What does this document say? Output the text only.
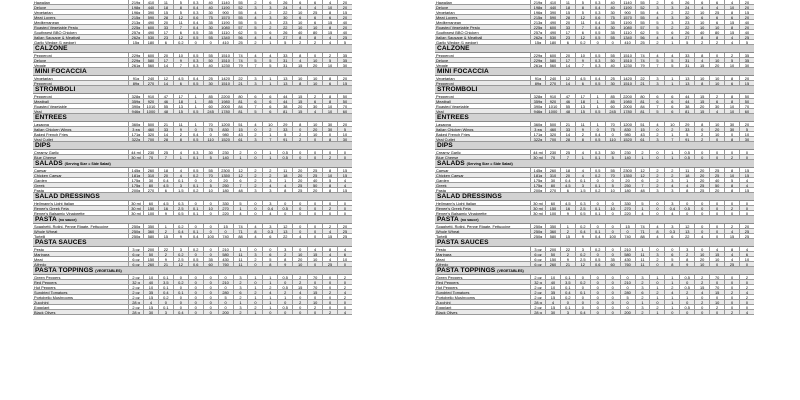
Hawaiian	219g	410	11	5	0.3	40	1140	55	2	6	26	6	6	4	20
Deluxe	198g	440	18	8	0.4	40	1190	52	3	3	24	4	4	10	20
Vegetarian	196g	390	15	5	0.3	30	900	55	4	2	22	10	25	8	15
Meat Lovers	215g	590	28	12	0.6	75	1570	55	4	3	30	6	6	6	20
Mediterranean	213g	490	20	11	0.4	35	1190	55	5	3	23	10	6	15	40
Roasted Vegetable Pesto	225g	600	33	7	0.4	30	1080	57	5	2	22	10	10	8	20
Southwest BBQ Chicken	257g	490	17	6	0.5	35	1110	62	5	6	26	40	80	15	40
Italian Sausage & Meatball	262g	530	23	12	0.5	55	1340	56	4	4	27	8	8	4	25
Garlic Wedge (1 wedge)	15g	180	6	0.2	0	0	410	25	2	1	5	2	2	4	5
CALZONE
Pepperoni	229g	600	20	10	0.5	55	1510	74	4	4	33	8	0	2	35
Deluxe	229g	580	17	9	0.3	50	1510	74	5	5	31	4	10	5	35
Veggie	261g	560	14	7	0.3	40	1230	79	7	5	31	15	20	10	30
MINI FOCACCIA
Vegetarian	91g	240	12	4.5	0.4	25	1420	22	3	1	13	10	10	8	20
Pepperoni	89g	270	14	6	0.5	30	1510	21	3	1	13	8	10	6	15
STROMBOLI
Pepperoni	328g	910	47	17	1	85	2200	80	6	6	44	15	2	8	50
Meatball	359g	920	46	18	1	85	1980	81	6	6	44	15	6	8	50
Roasted Vegetable	390g	1010	55	13	1	60	2000	84	7	6	38	20	30	10	70
Veal	946g	1000	48	15	0.5	245	1780	81	5	6	81	15	4	10	60
ENTREES
Lasagna	360g	500	21	11	1	70	1200	51	4	10	29	8	10	30	20
Italian Chicken Wings	3 ea	460	33	9	0	75	830	15	0	2	33	0	20	30	5
Baked French Fries	171g	320	14	2	0.4	0	980	43	2	1	5	2	10	0	10
Veal Cutlet	322g	700	28	8	0.5	110	1520	61	3	7	91	2	0	8	30
DIPS
Creamy Garlic	44 ml	230	25	4	0.3	30	230	2	0	1	0.5	0	0	0	0
Blue Cheese	30 ml	70	7	1	0.1	5	140	1	0	1	0.5	0	0	2	0
SALADS (Serving Size = Side Salad)
Caesar	145g	260	18	4	0.5	55	2300	12	2	2	11	20	25	8	15
Chicken Caesar	181g	310	20	4	0.2	70	1350	12	2	2	18	20	25	10	15
Garden	175g	30	0.4	0.1	0	0	20	6	2	3	1	20	40	5	4
Greek	175g	80	4.5	3	0.1	5	250	7	2	4	4	25	50	8	4
Pasta	200g	270	6	1.5	0.2	10	180	48	3	3	8	25	20	8	15
SALAD DRESSINGS
Hellmann's Light Italian	30 ml	60	4.5	0.3	0	0	330	5	0	3	0	0	0	0	0
Renee's Greek Feta	30 ml	150	16	2.5	0.1	10	270	1	0	0.4	0.5	0	0	2	0
Renee's Balsamic Vinaigrette	30 ml	100	9	0.5	0.1	0	220	4	0	4	0	0	0	0	0
PASTA (no sauce)
Spaghetti, Rotini, Penne Rigate, Fettuccine	250g	350	1	0.2	0	0	15	74	4	3	12	0	0	2	20
Whole Wheat	250g	360	2	0.4	0.1	0	0	71	8	0.3	13	0	0	4	25
Tortelli	250g	580	15	9	0.4	100	740	88	4	6	22	4	0	15	25
PASTA SAUCES
Pesto	3 oz	200	22	3	0.2	0	210	1	0	0	3	0	4	8	4
Marinara	6 oz	50	2	0.2	0	0	580	11	3	6	2	10	15	4	6
Meat	6 oz	150	9	2.5	0.5	35	430	11	2	5	8	20	10	4	10
Alfredo	6 oz	260	21	12	0.6	60	760	11	0	8	9	10	0	25	0
PASTA TOPPINGS (VEGETABLES)
Green Peppers	2 oz	10	0.1	0	0	0	0	3	1	1	0.5	2	70	0	2
Red Peppers	32 g	40	3.5	0.2	0	0	210	2	0	1	0	2	0	0	0
Hot Peppers	2 oz	10	0.1	0	0	0	0	3	1	2	0.5	15	70	0	2
Sundried Tomatoes	2 oz	35	0.4	0.1	0	0	280	6	2	4	2	4	15	2	4
Portobello Mushrooms	2 oz	15	0.2	0	0	0	5	2	1	1	1	0	0	0	2
Zucchini	28 g	4	0	0	0	0	0	1	0	1	0	2	10	0	0
Eggplant	2 oz	15	0.1	0	0	0	0	3	2	1	0.5	0	2	0	0
Black Olives	28 g	30	3	0.4	0	0	200	2	1	0	0	0	0	2	4
Hawaiian	219g	410	11	5	0.3	40	1140	55	2	6	26	6	6	4	20
Deluxe	198g	440	18	8	0.4	40	1190	52	3	3	24	4	4	10	20
Vegetarian	196g	390	15	5	0.3	30	900	55	4	2	22	10	25	8	15
Meat Lovers	215g	590	28	12	0.6	75	1570	55	4	3	30	6	6	6	20
Mediterranean	213g	490	20	11	0.4	35	1190	55	5	3	23	10	6	15	40
Roasted Vegetable Pesto	225g	600	33	7	0.4	30	1080	57	5	2	22	10	10	8	20
Southwest BBQ Chicken	257g	490	17	6	0.5	35	1110	62	5	6	26	40	80	15	40
Italian Sausage & Meatball	262g	530	23	12	0.5	55	1340	56	4	4	27	8	8	4	25
Garlic Wedge (1 wedge)	15g	180	6	0.2	0	0	410	25	2	1	5	2	2	4	5
CALZONE
Pepperoni	229g	600	20	10	0.5	55	1510	74	4	4	33	8	0	2	35
Deluxe	229g	580	17	9	0.3	50	1510	74	5	5	31	4	10	5	35
Veggie	261g	560	14	7	0.3	40	1230	79	7	5	31	15	20	10	30
MINI FOCACCIA
Vegetarian	91g	240	12	4.5	0.4	25	1420	22	3	1	13	10	10	8	20
Pepperoni	89g	270	14	6	0.5	30	1510	21	3	1	13	8	10	6	15
STROMBOLI
Pepperoni	328g	910	47	17	1	85	2200	80	6	6	44	15	2	8	50
Meatball	359g	920	46	18	1	85	1980	81	6	6	44	15	6	8	50
Roasted Vegetable	390g	1010	55	13	1	60	2000	84	7	6	38	20	30	10	70
Veal	946g	1000	48	15	0.5	245	1780	81	5	6	81	15	4	10	60
ENTREES
Lasagna	360g	500	21	11	1	70	1200	51	4	10	29	8	10	30	20
Italian Chicken Wings	3 ea	460	33	9	0	75	830	15	0	2	33	0	20	30	5
Baked French Fries	171g	320	14	2	0.4	0	980	43	2	1	5	2	10	0	10
Veal Cutlet	322g	700	28	8	0.5	110	1520	61	3	7	91	2	0	8	30
DIPS
Creamy Garlic	44 ml	230	25	4	0.3	30	230	2	0	1	0.5	0	0	0	0
Blue Cheese	30 ml	70	7	1	0.1	5	140	1	0	1	0.5	0	0	2	0
SALADS (Serving Size = Side Salad)
Caesar	145g	260	18	4	0.5	55	2300	12	2	2	11	20	25	8	15
Chicken Caesar	181g	310	20	4	0.2	70	1350	12	2	2	18	20	25	10	15
Garden	175g	30	0.4	0.1	0	0	20	6	2	3	1	20	40	5	4
Greek	175g	80	4.5	3	0.1	5	250	7	2	4	4	25	50	8	4
Pasta	200g	270	6	1.5	0.2	10	180	48	3	3	8	25	20	8	15
SALAD DRESSINGS
Hellmann's Light Italian	30 ml	60	4.5	0.3	0	0	330	5	0	3	0	0	0	0	0
Renee's Greek Feta	30 ml	150	16	2.5	0.1	10	270	1	0	0.4	0.5	0	0	2	0
Renee's Balsamic Vinaigrette	30 ml	100	9	0.5	0.1	0	220	4	0	4	0	0	0	0	0
PASTA (no sauce)
Spaghetti, Rotini, Penne Rigate, Fettuccine	250g	350	1	0.2	0	0	15	74	4	3	12	0	0	2	20
Whole Wheat	250g	360	2	0.4	0.1	0	0	71	8	0.3	13	0	0	4	25
Tortelli	250g	580	15	9	0.4	100	740	88	4	6	22	4	0	15	25
PASTA SAUCES
Pesto	3 oz	200	22	3	0.2	0	210	1	0	0	3	0	4	8	4
Marinara	6 oz	50	2	0.2	0	0	580	11	3	6	2	10	15	4	6
Meat	6 oz	150	9	2.5	0.5	35	430	11	2	5	8	20	10	4	10
Alfredo	6 oz	260	21	12	0.6	60	760	11	0	8	9	10	0	25	0
PASTA TOPPINGS (VEGETABLES)
Green Peppers	2 oz	10	0.1	0	0	0	0	3	1	1	0.5	2	70	0	2
Red Peppers	32 g	40	3.5	0.2	0	0	210	2	0	1	0	2	0	0	0
Hot Peppers	2 oz	10	0.1	0	0	0	0	3	1	2	0.5	15	70	0	2
Sundried Tomatoes	2 oz	35	0.4	0.1	0	0	280	6	2	4	2	4	15	2	4
Portobello Mushrooms	2 oz	15	0.2	0	0	0	5	2	1	1	1	0	0	0	2
Zucchini	28 g	4	0	0	0	0	0	1	0	1	0	2	10	0	0
Eggplant	2 oz	15	0.1	0	0	0	0	3	2	1	0.5	0	2	0	0
Black Olives	28 g	30	3	0.4	0	0	200	2	1	0	0	0	0	2	4
